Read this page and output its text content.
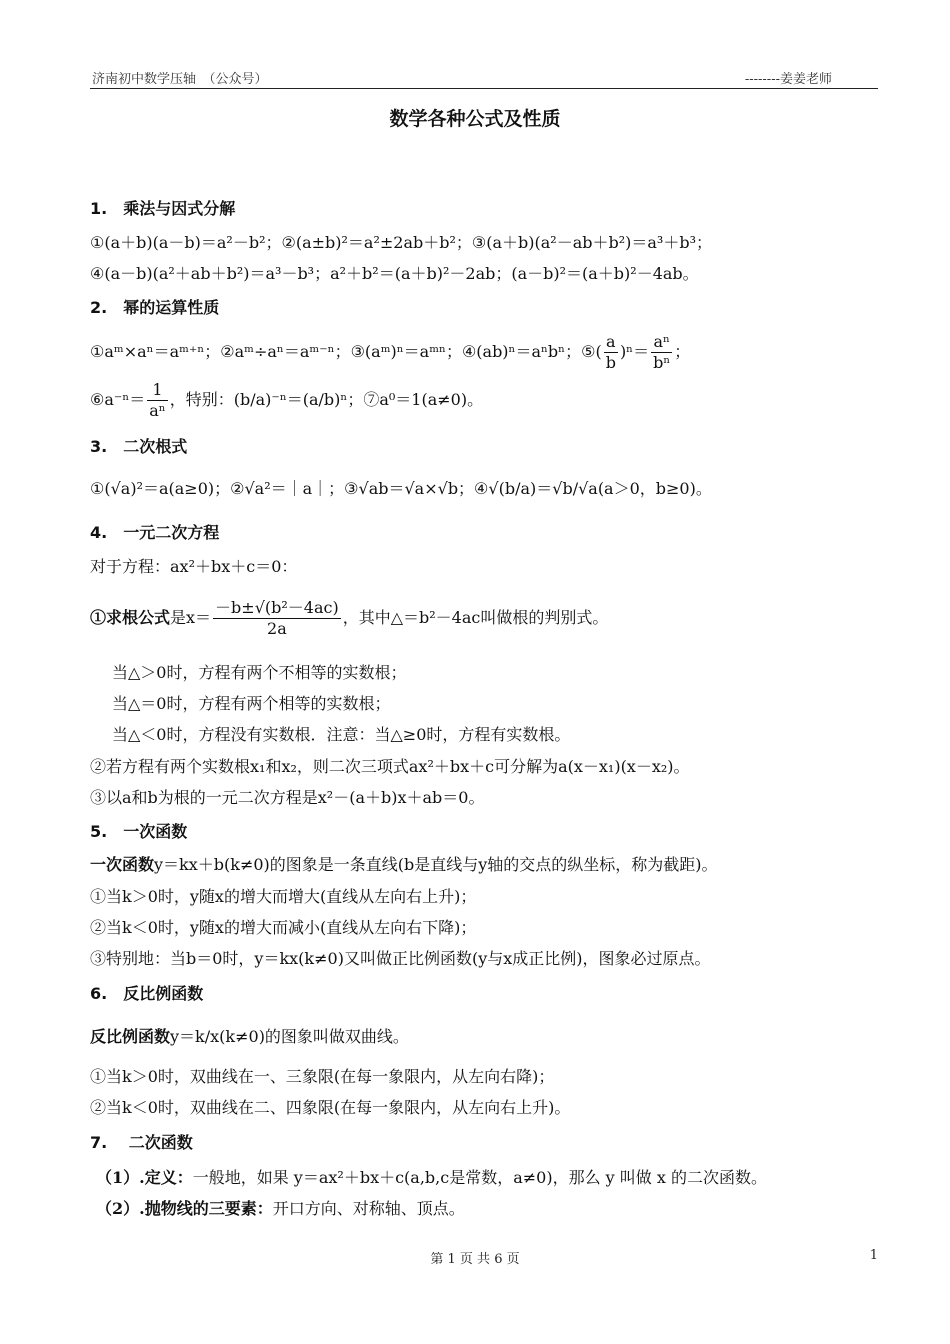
济南初中数学压轴　（公众号）	--------姜姜老师
数学各种公式及性质
1.　乘法与因式分解
①(a＋b)(a－b)＝a²－b²；②(a±b)²＝a²±2ab＋b²；③(a＋b)(a²－ab＋b²)＝a³＋b³；
④(a－b)(a²＋ab＋b²)＝a³－b³；a²＋b²＝(a＋b)²－2ab；(a－b)²＝(a＋b)²－4ab。
2.　幂的运算性质
①aᵐ×aⁿ＝aᵐ⁺ⁿ；②aᵐ÷aⁿ＝aᵐ⁻ⁿ；③(aᵐ)ⁿ＝aᵐⁿ；④(ab)ⁿ＝aⁿbⁿ；⑤( $\frac{a}{b} )^n= \frac{\text{aⁿ}}{\text{bⁿ}}$ ；
⑥a⁻ⁿ＝ $\frac{1}{\text{aⁿ}}$ ，特别：(b/a)⁻ⁿ＝(a/b)ⁿ；⑦a⁰＝1(a≠0)。
3.　二次根式
①(√a)²＝a(a≥0)；②√a²＝｜a｜；③√ab＝√a×√b；④√(b/a)＝√b/√a(a＞0，b≥0)。
4.　一元二次方程
对于方程：ax²＋bx＋c＝0：
①求根公式是$x= \frac{\text{－b±√(b²－4ac)}}{2a}$ ，其中△＝b²－4ac叫做根的判别式。
当△＞0时，方程有两个不相等的实数根；
当△＝0时，方程有两个相等的实数根；
当△＜0时，方程没有实数根．注意：当△≥0时，方程有实数根。
②若方程有两个实数根x₁和x₂，则二次三项式ax²＋bx＋c可分解为a(x－x₁)(x－x₂)。
③以a和b为根的一元二次方程是x²－(a＋b)x＋ab＝0。
5.　一次函数
一次函数y＝kx＋b(k≠0)的图象是一条直线(b是直线与y轴的交点的纵坐标，称为截距)。
①当k＞0时，y随x的增大而增大(直线从左向右上升)；
②当k＜0时，y随x的增大而减小(直线从左向右下降)；
③特别地：当b＝0时，y＝kx(k≠0)又叫做正比例函数(y与x成正比例)，图象必过原点。
6.　反比例函数
反比例函数y＝k/x(k≠0)的图象叫做双曲线。
①当k＞0时，双曲线在一、三象限(在每一象限内，从左向右降)；
②当k＜0时，双曲线在二、四象限(在每一象限内，从左向右上升)。
7.　 二次函数
（1）.定义：一般地，如果 y＝ax²＋bx＋c(a,b,c是常数，a≠0)，那么 y 叫做 x 的二次函数。
（2）.抛物线的三要素：开口方向、对称轴、顶点。
第 1 页 共 6 页	1
